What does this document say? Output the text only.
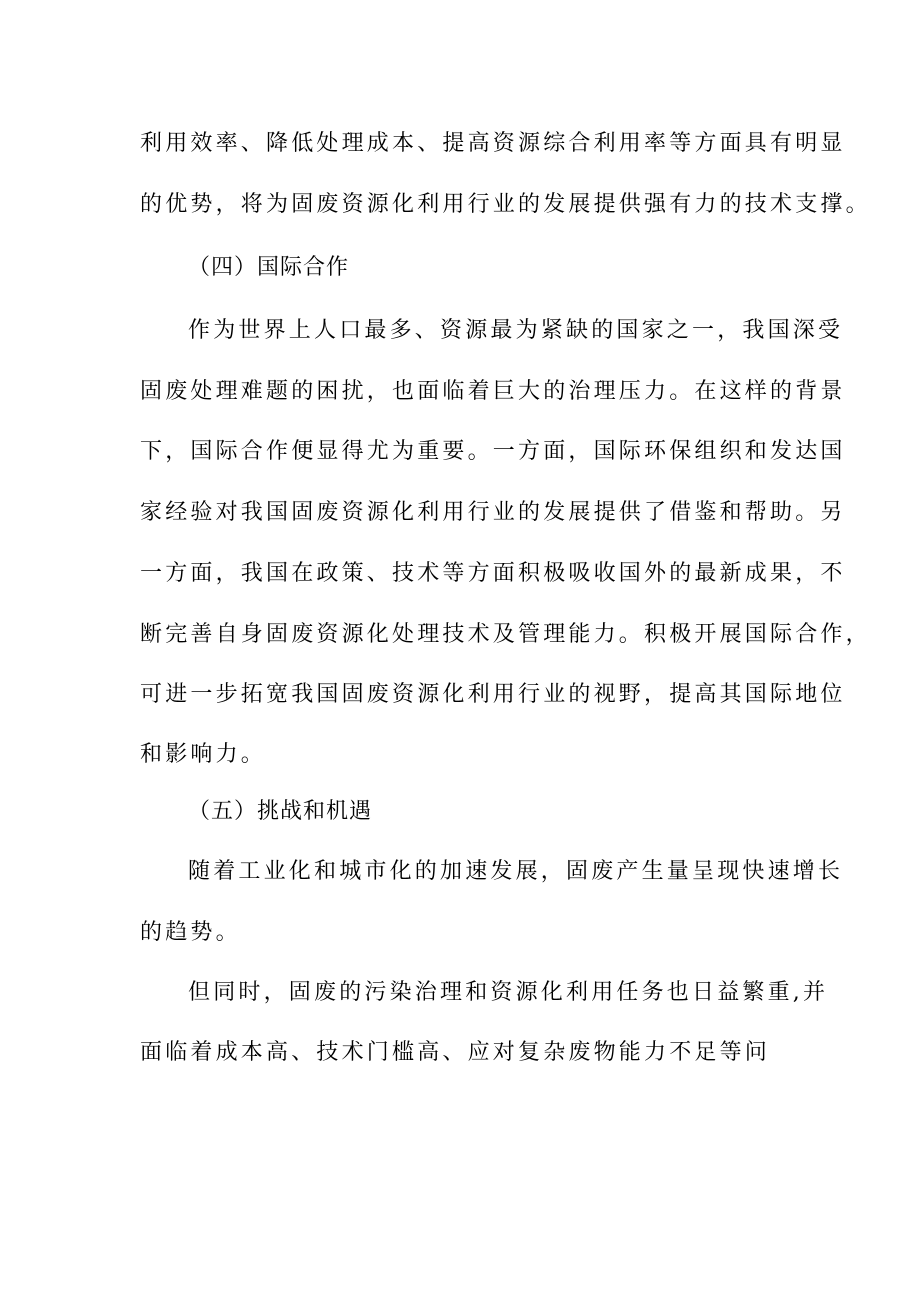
利用效率、降低处理成本、提高资源综合利用率等方面具有明显
的优势，将为固废资源化利用行业的发展提供强有力的技术支撑。
（四）国际合作
作为世界上人口最多、资源最为紧缺的国家之一，我国深受
固废处理难题的困扰，也面临着巨大的治理压力。在这样的背景
下，国际合作便显得尤为重要。一方面，国际环保组织和发达国
家经验对我国固废资源化利用行业的发展提供了借鉴和帮助。另
一方面，我国在政策、技术等方面积极吸收国外的最新成果，不
断完善自身固废资源化处理技术及管理能力。积极开展国际合作，
可进一步拓宽我国固废资源化利用行业的视野，提高其国际地位
和影响力。
（五）挑战和机遇
随着工业化和城市化的加速发展，固废产生量呈现快速增长
的趋势。
但同时，固废的污染治理和资源化利用任务也日益繁重,并
面临着成本高、技术门槛高、应对复杂废物能力不足等问
